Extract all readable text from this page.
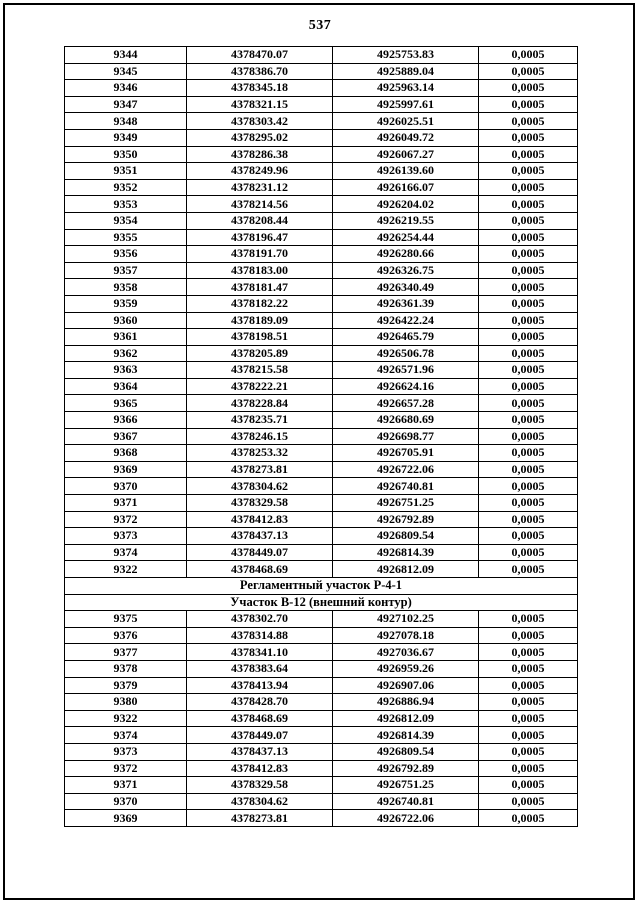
537
9344	4378470.07	4925753.83	0,0005
9345	4378386.70	4925889.04	0,0005
9346	4378345.18	4925963.14	0,0005
9347	4378321.15	4925997.61	0,0005
9348	4378303.42	4926025.51	0,0005
9349	4378295.02	4926049.72	0,0005
9350	4378286.38	4926067.27	0,0005
9351	4378249.96	4926139.60	0,0005
9352	4378231.12	4926166.07	0,0005
9353	4378214.56	4926204.02	0,0005
9354	4378208.44	4926219.55	0,0005
9355	4378196.47	4926254.44	0,0005
9356	4378191.70	4926280.66	0,0005
9357	4378183.00	4926326.75	0,0005
9358	4378181.47	4926340.49	0,0005
9359	4378182.22	4926361.39	0,0005
9360	4378189.09	4926422.24	0,0005
9361	4378198.51	4926465.79	0,0005
9362	4378205.89	4926506.78	0,0005
9363	4378215.58	4926571.96	0,0005
9364	4378222.21	4926624.16	0,0005
9365	4378228.84	4926657.28	0,0005
9366	4378235.71	4926680.69	0,0005
9367	4378246.15	4926698.77	0,0005
9368	4378253.32	4926705.91	0,0005
9369	4378273.81	4926722.06	0,0005
9370	4378304.62	4926740.81	0,0005
9371	4378329.58	4926751.25	0,0005
9372	4378412.83	4926792.89	0,0005
9373	4378437.13	4926809.54	0,0005
9374	4378449.07	4926814.39	0,0005
9322	4378468.69	4926812.09	0,0005
Регламентный участок Р-4-1			
Участок В-12 (внешний контур)			
9375	4378302.70	4927102.25	0,0005
9376	4378314.88	4927078.18	0,0005
9377	4378341.10	4927036.67	0,0005
9378	4378383.64	4926959.26	0,0005
9379	4378413.94	4926907.06	0,0005
9380	4378428.70	4926886.94	0,0005
9322	4378468.69	4926812.09	0,0005
9374	4378449.07	4926814.39	0,0005
9373	4378437.13	4926809.54	0,0005
9372	4378412.83	4926792.89	0,0005
9371	4378329.58	4926751.25	0,0005
9370	4378304.62	4926740.81	0,0005
9369	4378273.81	4926722.06	0,0005
